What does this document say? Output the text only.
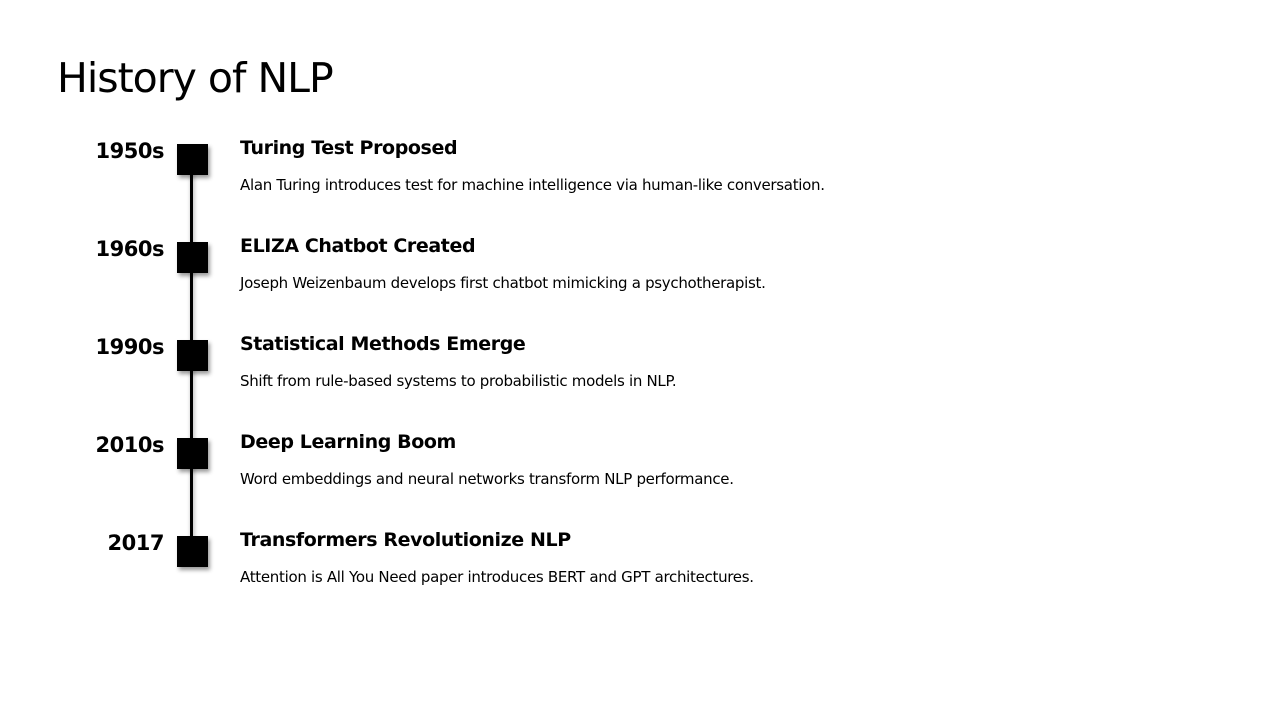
History of NLP
1950s	Turing Test Proposed
Alan Turing introduces test for machine intelligence via human-like conversation.
1960s	ELIZA Chatbot Created
Joseph Weizenbaum develops first chatbot mimicking a psychotherapist.
1990s	Statistical Methods Emerge
Shift from rule-based systems to probabilistic models in NLP.
2010s	Deep Learning Boom
Word embeddings and neural networks transform NLP performance.
2017	Transformers Revolutionize NLP
Attention is All You Need paper introduces BERT and GPT architectures.
